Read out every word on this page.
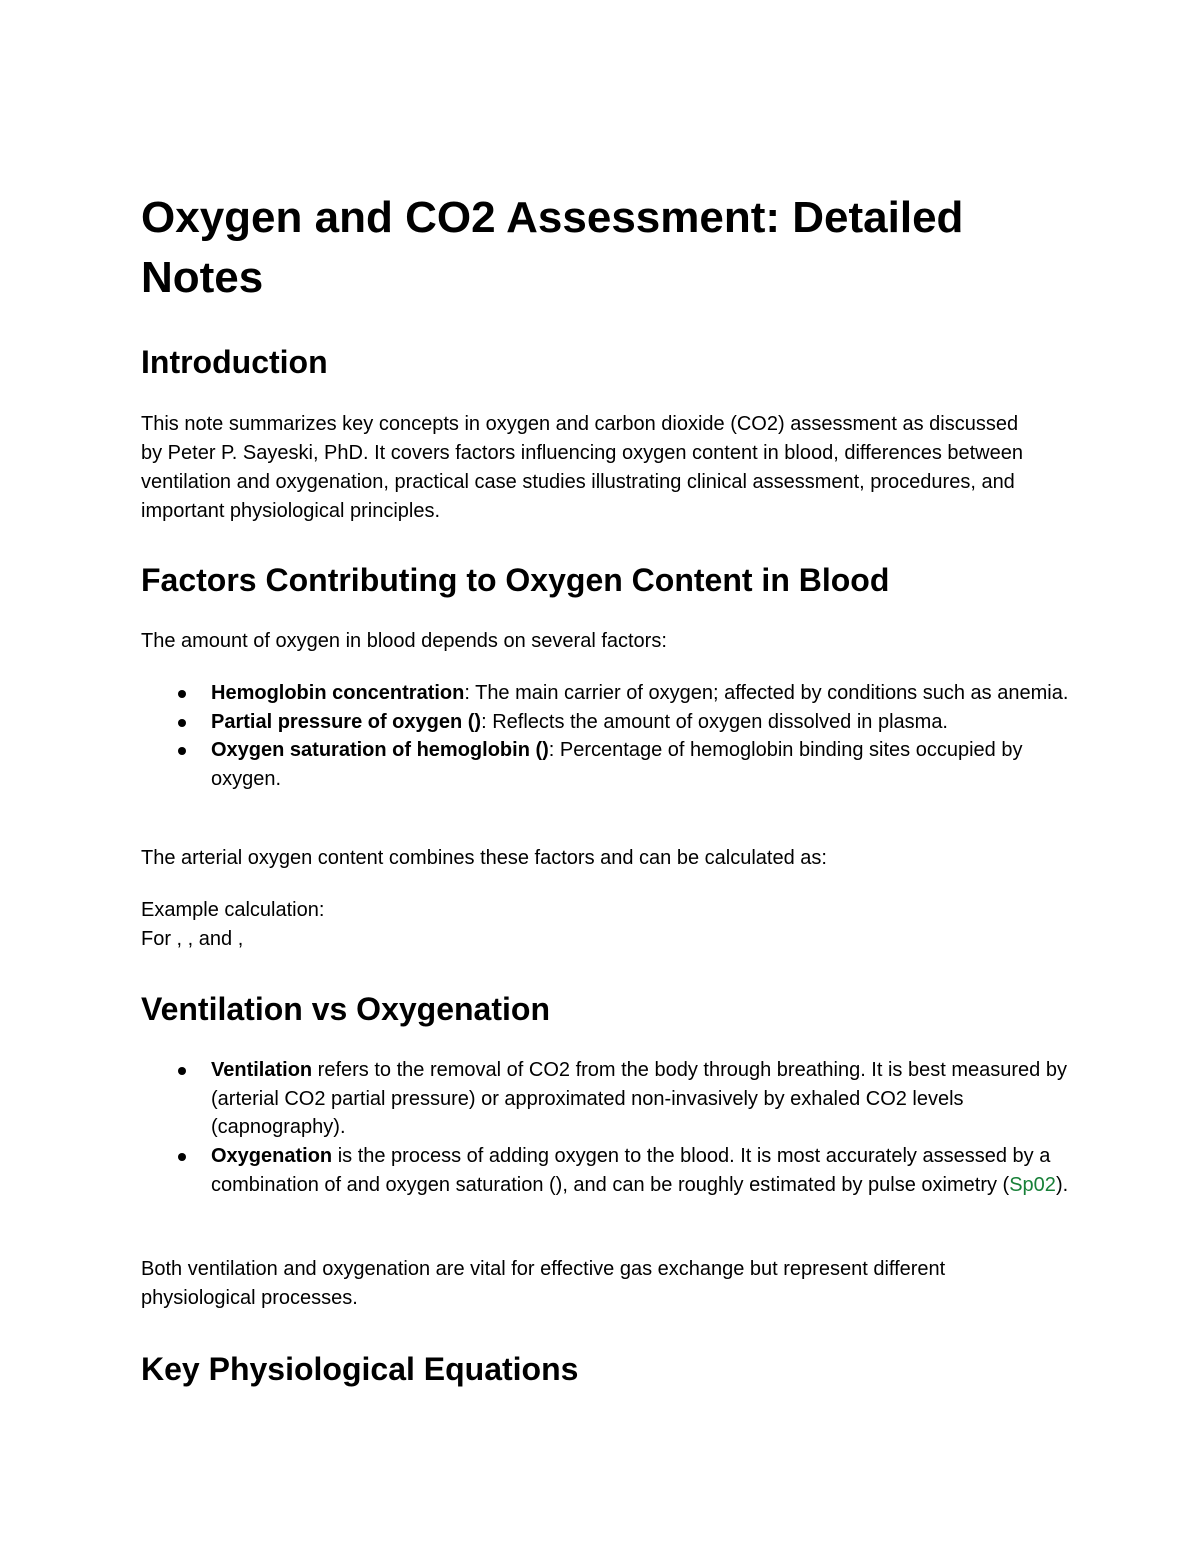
Oxygen and CO2 Assessment: Detailed Notes
Introduction

This note summarizes key concepts in oxygen and carbon dioxide (CO2) assessment as discussed by Peter P. Sayeski, PhD. It covers factors influencing oxygen content in blood, differences between ventilation and oxygenation, practical case studies illustrating clinical assessment, procedures, and important physiological principles.

Factors Contributing to Oxygen Content in Blood

The amount of oxygen in blood depends on several factors:

Hemoglobin concentration: The main carrier of oxygen; affected by conditions such as anemia.
Partial pressure of oxygen (): Reflects the amount of oxygen dissolved in plasma.
Oxygen saturation of hemoglobin (): Percentage of hemoglobin binding sites occupied by oxygen.

The arterial oxygen content combines these factors and can be calculated as:

Example calculation:

For , , and ,

Ventilation vs Oxygenation
Ventilation refers to the removal of CO2 from the body through breathing. It is best measured by (arterial CO2 partial pressure) or approximated non-invasively by exhaled CO2 levels (capnography).
Oxygenation is the process of adding oxygen to the blood. It is most accurately assessed by a combination of and oxygen saturation (), and can be roughly estimated by pulse oximetry (Sp02).

Both ventilation and oxygenation are vital for effective gas exchange but represent different physiological processes.

Key Physiological Equations
